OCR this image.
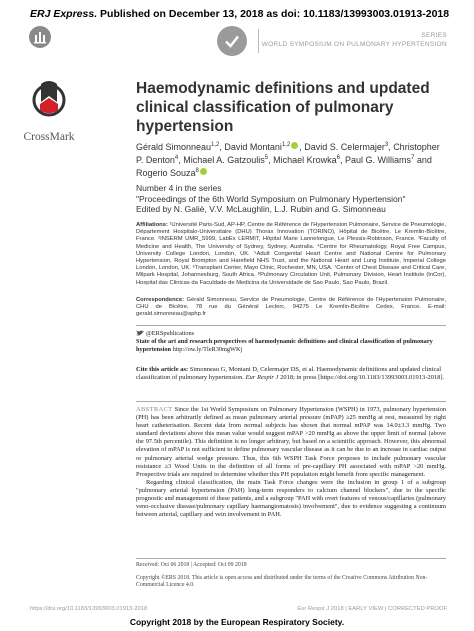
ERJ Express. Published on December 13, 2018 as doi: 10.1183/13993003.01913-2018
SERIES
WORLD SYMPOSIUM ON PULMONARY HYPERTENSION
CrossMark
Haemodynamic definitions and updated clinical classification of pulmonary hypertension
Gérald Simonneau$^{1,2}$, David Montani$^{1,2}$ , David S. Celermajer$^3$, Christopher P. Denton$^4$, Michael A. Gatzoulis$^5$, Michael Krowka$^6$, Paul G. Williams$^7$ and Rogerio Souza$^8$
Number 4 in the series
"Proceedings of the 6th World Symposium on Pulmonary Hypertension"
Edited by N. Galiè, V.V. McLaughlin, L.J. Rubin and G. Simonneau
Affiliations: ¹Université Paris-Sud, AP-HP, Centre de Référence de l'Hypertension Pulmonaire, Service de Pneumologie, Département Hospitalo-Universitaire (DHU) Thorax Innovation (TORINO), Hôpital de Bicêtre, Le Kremlin-Bicêtre, France. ²INSERM UMR_S999, LabEx LERMIT, Hôpital Marie Lannelongue, Le Plessis-Robinson, France. ³Faculty of Medicine and Health, The University of Sydney, Sydney, Australia. ⁴Centre for Rheumatology, Royal Free Campus, University College London, London, UK. ⁵Adult Congenital Heart Centre and National Centre for Pulmonary Hypertension, Royal Brompton and Harefield NHS Trust, and the National Heart and Lung Institute, Imperial College London, London, UK. ⁶Transplant Center, Mayo Clinic, Rochester, MN, USA. ⁷Center of Chest Disease and Critical Care, Milpark Hospital, Johannesburg, South Africa. ⁸Pulmonary Circulation Unit, Pulmonary Division, Heart Institute (InCor), Hospital das Clinicas da Faculdade de Medicina da Universidade de Sao Paulo, Sao Paulo, Brazil.
Correspondence: Gérald Simonneau, Service de Pneumologie, Centre de Référence de l'Hypertension Pulmonaire, CHU de Bicêtre, 78 rue du Général Leclerc, 94275 Le Kremlin-Bicêtre Cedex, France. E-mail: gerald.simonneau@aphp.fr
@ERSpublications
State of the art and research perspectives of haemodynamic definitions and clinical classification of pulmonary hypertension http://ow.ly/TleR30mgWKj
Cite this article as: Simonneau G, Montani D, Celermajer DS, et al. Haemodynamic definitions and updated clinical classification of pulmonary hypertension. Eur Respir J 2018; in press [https://doi.org/10.1183/13993003.01913-2018].
ABSTRACT Since the 1st World Symposium on Pulmonary Hypertension (WSPH) in 1973, pulmonary hypertension (PH) has been arbitrarily defined as mean pulmonary arterial pressure (mPAP) ≥25 mmHg at rest, measured by right heart catheterisation. Recent data from normal subjects has shown that normal mPAP was 14.0±3.3 mmHg. Two standard deviations above this mean value would suggest mPAP >20 mmHg as above the upper limit of normal (above the 97.5th percentile). This definition is no longer arbitrary, but based on a scientific approach. However, this abnormal elevation of mPAP is not sufficient to define pulmonary vascular disease as it can be due to an increase in cardiac output or pulmonary arterial wedge pressure. Thus, this 6th WSPH Task Force proposes to include pulmonary vascular resistance ≥3 Wood Units in the definition of all forms of pre-capillary PH associated with mPAP >20 mmHg. Prospective trials are required to determine whether this PH population might benefit from specific management.
Regarding clinical classification, the main Task Force changes were the inclusion in group 1 of a subgroup "pulmonary arterial hypertension (PAH) long-term responders to calcium channel blockers", due to the specific prognostic and management of these patients, and a subgroup "PAH with overt features of venous/capillaries (pulmonary veno-occlusive disease/pulmonary capillary haemangiomatosis) involvement", due to evidence suggesting a continuum between arterial, capillary and vein involvement in PAH.
Received: Oct 06 2018 | Accepted: Oct 09 2018
Copyright ©ERS 2018. This article is open access and distributed under the terms of the Creative Commons Attribution Non-Commercial Licence 4.0.
https://doi.org/10.1183/13993003.01913-2018	Eur Respir J 2018 | EARLY VIEW | CORRECTED PROOF
Copyright 2018 by the European Respiratory Society.
